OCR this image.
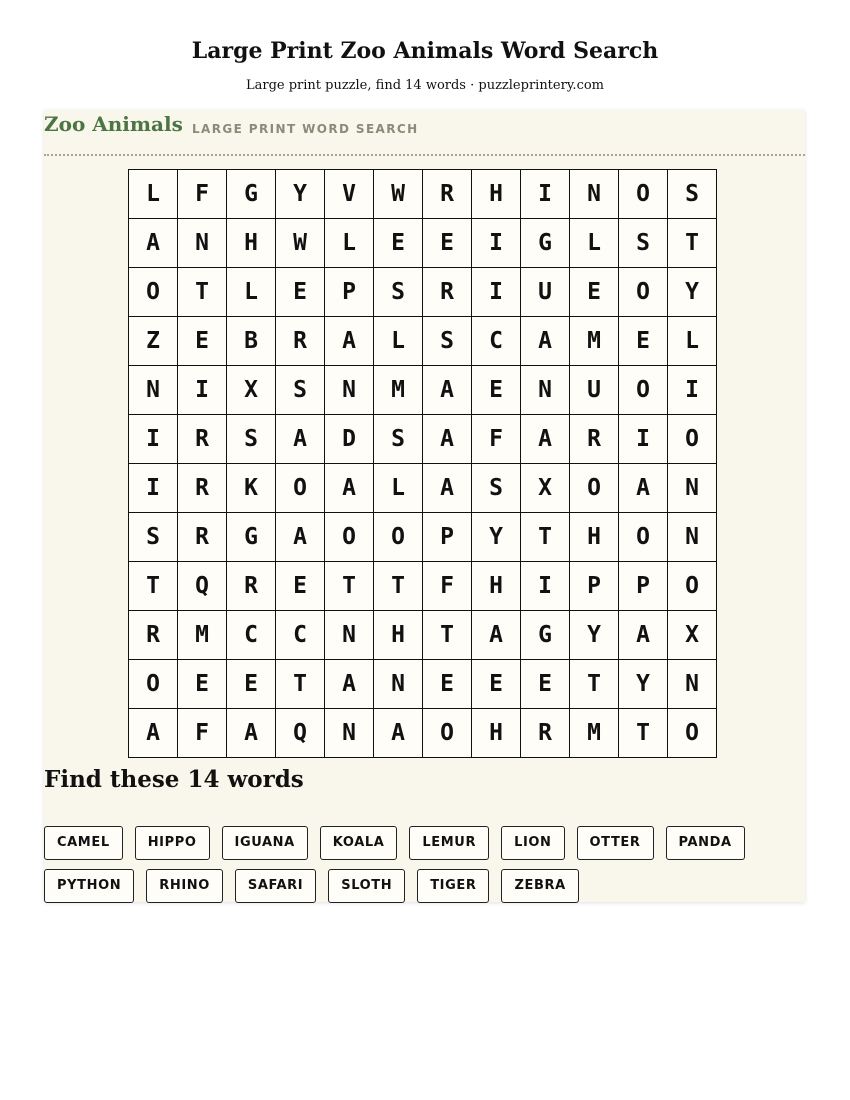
Large Print Zoo Animals Word Search

Large print puzzle, find 14 words · puzzleprintery.com

Zoo Animals LARGE PRINT WORD SEARCH
L	F	G	Y	V	W	R	H	I	N	O	S
A	N	H	W	L	E	E	I	G	L	S	T
O	T	L	E	P	S	R	I	U	E	O	Y
Z	E	B	R	A	L	S	C	A	M	E	L
N	I	X	S	N	M	A	E	N	U	O	I
I	R	S	A	D	S	A	F	A	R	I	O
I	R	K	O	A	L	A	S	X	O	A	N
S	R	G	A	O	O	P	Y	T	H	O	N
T	Q	R	E	T	T	F	H	I	P	P	O
R	M	C	C	N	H	T	A	G	Y	A	X
O	E	E	T	A	N	E	E	E	T	Y	N
A	F	A	Q	N	A	O	H	R	M	T	O
Find these 14 words
CAMEL	HIPPO	IGUANA	KOALA	LEMUR	LION	OTTER	PANDA
PYTHON	RHINO	SAFARI	SLOTH	TIGER	ZEBRA
